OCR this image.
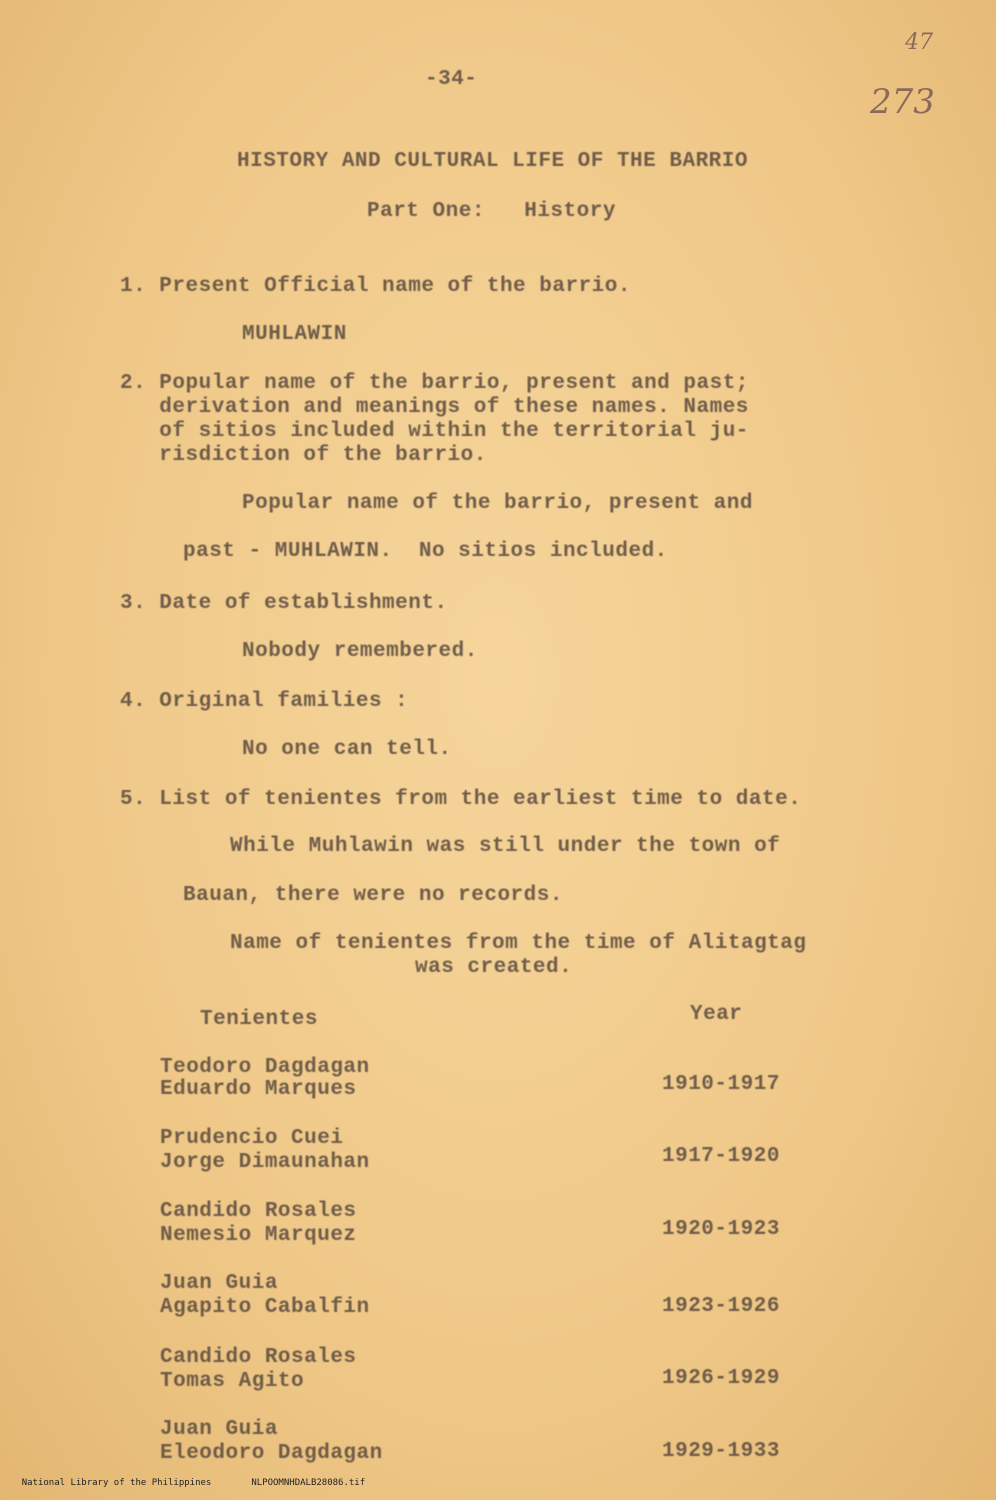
47
273
-34-
HISTORY AND CULTURAL LIFE OF THE BARRIO
Part One:   History
1. Present Official name of the barrio.
MUHLAWIN
2. Popular name of the barrio, present and past;
derivation and meanings of these names. Names
of sitios included within the territorial ju-
risdiction of the barrio.
Popular name of the barrio, present and
past - MUHLAWIN.  No sitios included.
3. Date of establishment.
Nobody remembered.
4. Original families :
No one can tell.
5. List of tenientes from the earliest time to date.
While Muhlawin was still under the town of
Bauan, there were no records.
Name of tenientes from the time of Alitagtag
was created.
Tenientes	Year
Teodoro Dagdagan
Eduardo Marques	1910-1917
Prudencio Cuei
Jorge Dimaunahan	1917-1920
Candido Rosales
Nemesio Marquez	1920-1923
Juan Guia
Agapito Cabalfin	1923-1926
Candido Rosales
Tomas Agito	1926-1929
Juan Guia
Eleodoro Dagdagan	1929-1933

National Library of the Philippines	NLPOOMNHDALB28086.tif
